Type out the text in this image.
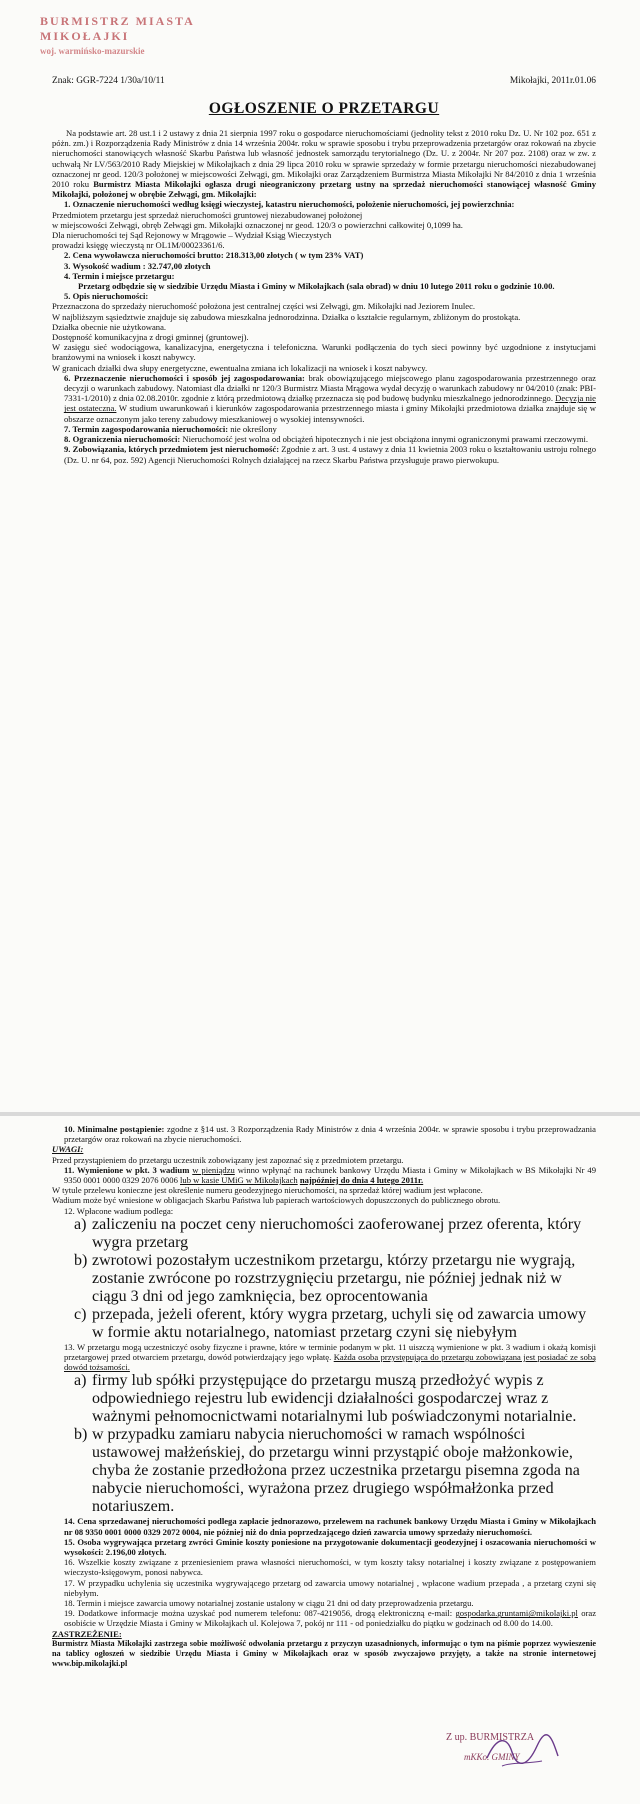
BURMISTRZ MIASTA MIKOŁAJKI
woj. warmińsko-mazurskie
Znak: GGR-7224 1/30a/10/11	Mikołajki, 2011r.01.06
OGŁOSZENIE O PRZETARGU

Na podstawie art. 28 ust.1 i 2 ustawy z dnia 21 sierpnia 1997 roku o gospodarce nieruchomościami (jednolity tekst z 2010 roku Dz. U. Nr 102 poz. 651 z póżn. zm.) i Rozporządzenia Rady Ministrów z dnia 14 września 2004r. roku w sprawie sposobu i trybu przeprowadzenia przetargów oraz rokowań na zbycie nieruchomości stanowiących własność Skarbu Państwa lub własność jednostek samorządu terytorialnego (Dz. U. z 2004r. Nr 207 poz. 2108) oraz w zw. z uchwałą Nr LV/563/2010 Rady Miejskiej w Mikołajkach z dnia 29 lipca 2010 roku w sprawie sprzedaży w formie przetargu nieruchomości niezabudowanej oznaczonej nr geod. 120/3 położonej w miejscowości Zełwągi, gm. Mikołajki oraz Zarządzeniem Burmistrza Miasta Mikołajki Nr 84/2010 z dnia 1 września 2010 roku Burmistrz Miasta Mikołajki ogłasza drugi nieograniczony przetarg ustny na sprzedaż nieruchomości stanowiącej własność Gminy Mikołajki, położonej w obrębie Zełwągi, gm. Mikołajki:

1. Oznaczenie nieruchomości według księgi wieczystej, katastru nieruchomości, położenie nieruchomości, jej powierzchnia:

Przedmiotem przetargu jest sprzedaż nieruchomości gruntowej niezabudowanej położonej

w miejscowości Zełwągi, obręb Zełwągi gm. Mikołajki oznaczonej nr geod. 120/3 o powierzchni całkowitej 0,1099 ha.

Dla nieruchomości tej Sąd Rejonowy w Mrągowie – Wydział Ksiąg Wieczystych

prowadzi księgę wieczystą nr OL1M/00023361/6.

2. Cena wywoławcza nieruchomości brutto: 218.313,00 złotych ( w tym 23% VAT)

3. Wysokość wadium : 32.747,00 złotych

4. Termin i miejsce przetargu:

Przetarg odbędzie się w siedzibie Urzędu Miasta i Gminy w Mikołajkach (sala obrad) w dniu 10 lutego 2011 roku o godzinie 10.00.

5. Opis nieruchomości:

Przeznaczona do sprzedaży nieruchomość położona jest centralnej części wsi Zełwągi, gm. Mikołajki nad Jeziorem Inulec.

W najbliższym sąsiedztwie znajduje się zabudowa mieszkalna jednorodzinna. Działka o kształcie regularnym, zbliżonym do prostokąta.

Działka obecnie nie użytkowana.

Dostępność komunikacyjna z drogi gminnej (gruntowej).

W zasięgu sieć wodociągowa, kanalizacyjna, energetyczna i telefoniczna. Warunki podłączenia do tych sieci powinny być uzgodnione z instytucjami branżowymi na wniosek i koszt nabywcy.

W granicach działki dwa słupy energetyczne, ewentualna zmiana ich lokalizacji na wniosek i koszt nabywcy.

6. Przeznaczenie nieruchomości i sposób jej zagospodarowania: brak obowiązującego miejscowego planu zagospodarowania przestrzennego oraz decyzji o warunkach zabudowy. Natomiast dla działki nr 120/3 Burmistrz Miasta Mrągowa wydał decyzję o warunkach zabudowy nr 04/2010 (znak: PBI-7331-1/2010) z dnia 02.08.2010r. zgodnie z którą przedmiotową działkę przeznacza się pod budowę budynku mieszkalnego jednorodzinnego. Decyzja nie jest ostateczna. W studium uwarunkowań i kierunków zagospodarowania przestrzennego miasta i gminy Mikołajki przedmiotowa działka znajduje się w obszarze oznaczonym jako tereny zabudowy mieszkaniowej o wysokiej intensywności.

7. Termin zagospodarowania nieruchomości: nie określony

8. Ograniczenia nieruchomości: Nieruchomość jest wolna od obciążeń hipotecznych i nie jest obciążona innymi ograniczonymi prawami rzeczowymi.

9. Zobowiązania, których przedmiotem jest nieruchomość: Zgodnie z art. 3 ust. 4 ustawy z dnia 11 kwietnia 2003 roku o kształtowaniu ustroju rolnego (Dz. U. nr 64, poz. 592) Agencji Nieruchomości Rolnych działającej na rzecz Skarbu Państwa przysługuje prawo pierwokupu.

10. Minimalne postąpienie: zgodne z §14 ust. 3 Rozporządzenia Rady Ministrów z dnia 4 września 2004r. w sprawie sposobu i trybu przeprowadzania przetargów oraz rokowań na zbycie nieruchomości.

UWAGI:

Przed przystąpieniem do przetargu uczestnik zobowiązany jest zapoznać się z przedmiotem przetargu.

11. Wymienione w pkt. 3 wadium w pieniądzu winno wpłynąć na rachunek bankowy Urzędu Miasta i Gminy w Mikołajkach w BS Mikołajki Nr 49 9350 0001 0000 0329 2076 0006 lub w kasie UMiG w Mikołajkach najpóźniej do dnia 4 lutego 2011r.

W tytule przelewu konieczne jest określenie numeru geodezyjnego nieruchomości, na sprzedaż której wadium jest wpłacone.

Wadium może być wniesione w obligacjach Skarbu Państwa lub papierach wartościowych dopuszczonych do publicznego obrotu.

12. Wpłacone wadium podlega:

a) zaliczeniu na poczet ceny nieruchomości zaoferowanej przez oferenta, który wygra przetarg
b) zwrotowi pozostałym uczestnikom przetargu, którzy przetargu nie wygrają, zostanie zwrócone po rozstrzygnięciu przetargu, nie później jednak niż w ciągu 3 dni od jego zamknięcia, bez oprocentowania
c) przepada, jeżeli oferent, który wygra przetarg, uchyli się od zawarcia umowy w formie aktu notarialnego, natomiast przetarg czyni się niebyłym

13. W przetargu mogą uczestniczyć osoby fizyczne i prawne, które w terminie podanym w pkt. 11 uiszczą wymienione w pkt. 3 wadium i okażą komisji przetargowej przed otwarciem przetargu, dowód potwierdzający jego wpłatę. Każda osoba przystępująca do przetargu zobowiązana jest posiadać ze sobą dowód tożsamości.

a) firmy lub spółki przystępujące do przetargu muszą przedłożyć wypis z odpowiedniego rejestru lub ewidencji działalności gospodarczej wraz z ważnymi pełnomocnictwami notarialnymi lub poświadczonymi notarialnie.
b) w przypadku zamiaru nabycia nieruchomości w ramach wspólności ustawowej małżeńskiej, do przetargu winni przystąpić oboje małżonkowie, chyba że zostanie przedłożona przez uczestnika przetargu pisemna zgoda na nabycie nieruchomości, wyrażona przez drugiego współmałżonka przed notariuszem.

14. Cena sprzedawanej nieruchomości podlega zapłacie jednorazowo, przelewem na rachunek bankowy Urzędu Miasta i Gminy w Mikołajkach nr 08 9350 0001 0000 0329 2072 0004, nie później niż do dnia poprzedzającego dzień zawarcia umowy sprzedaży nieruchomości.

15. Osoba wygrywająca przetarg zwróci Gminie koszty poniesione na przygotowanie dokumentacji geodezyjnej i oszacowania nieruchomości w wysokości: 2.196,00 złotych.

16. Wszelkie koszty związane z przeniesieniem prawa własności nieruchomości, w tym koszty taksy notarialnej i koszty związane z postępowaniem wieczysto-księgowym, ponosi nabywca.

17. W przypadku uchylenia się uczestnika wygrywającego przetarg od zawarcia umowy notarialnej , wpłacone wadium przepada , a przetarg czyni się niebyłym.

18. Termin i miejsce zawarcia umowy notarialnej zostanie ustalony w ciągu 21 dni od daty przeprowadzenia przetargu.

19. Dodatkowe informacje można uzyskać pod numerem telefonu: 087-4219056, drogą elektroniczną e-mail: gospodarka.gruntami@mikolajki.pl oraz osobiście w Urzędzie Miasta i Gminy w Mikołajkach ul. Kolejowa 7, pokój nr 111 - od poniedziałku do piątku w godzinach od 8.00 do 14.00.

ZASTRZEŻENIE:

Burmistrz Miasta Mikołajki zastrzega sobie możliwość odwołania przetargu z przyczyn uzasadnionych, informując o tym na piśmie poprzez wywieszenie na tablicy ogłoszeń w siedzibie Urzędu Miasta i Gminy w Mikołajkach oraz w sposób zwyczajowo przyjęty, a także na stronie internetowej www.bip.mikolajki.pl

Z up. BURMISTRZA
mKKo. GMINY
